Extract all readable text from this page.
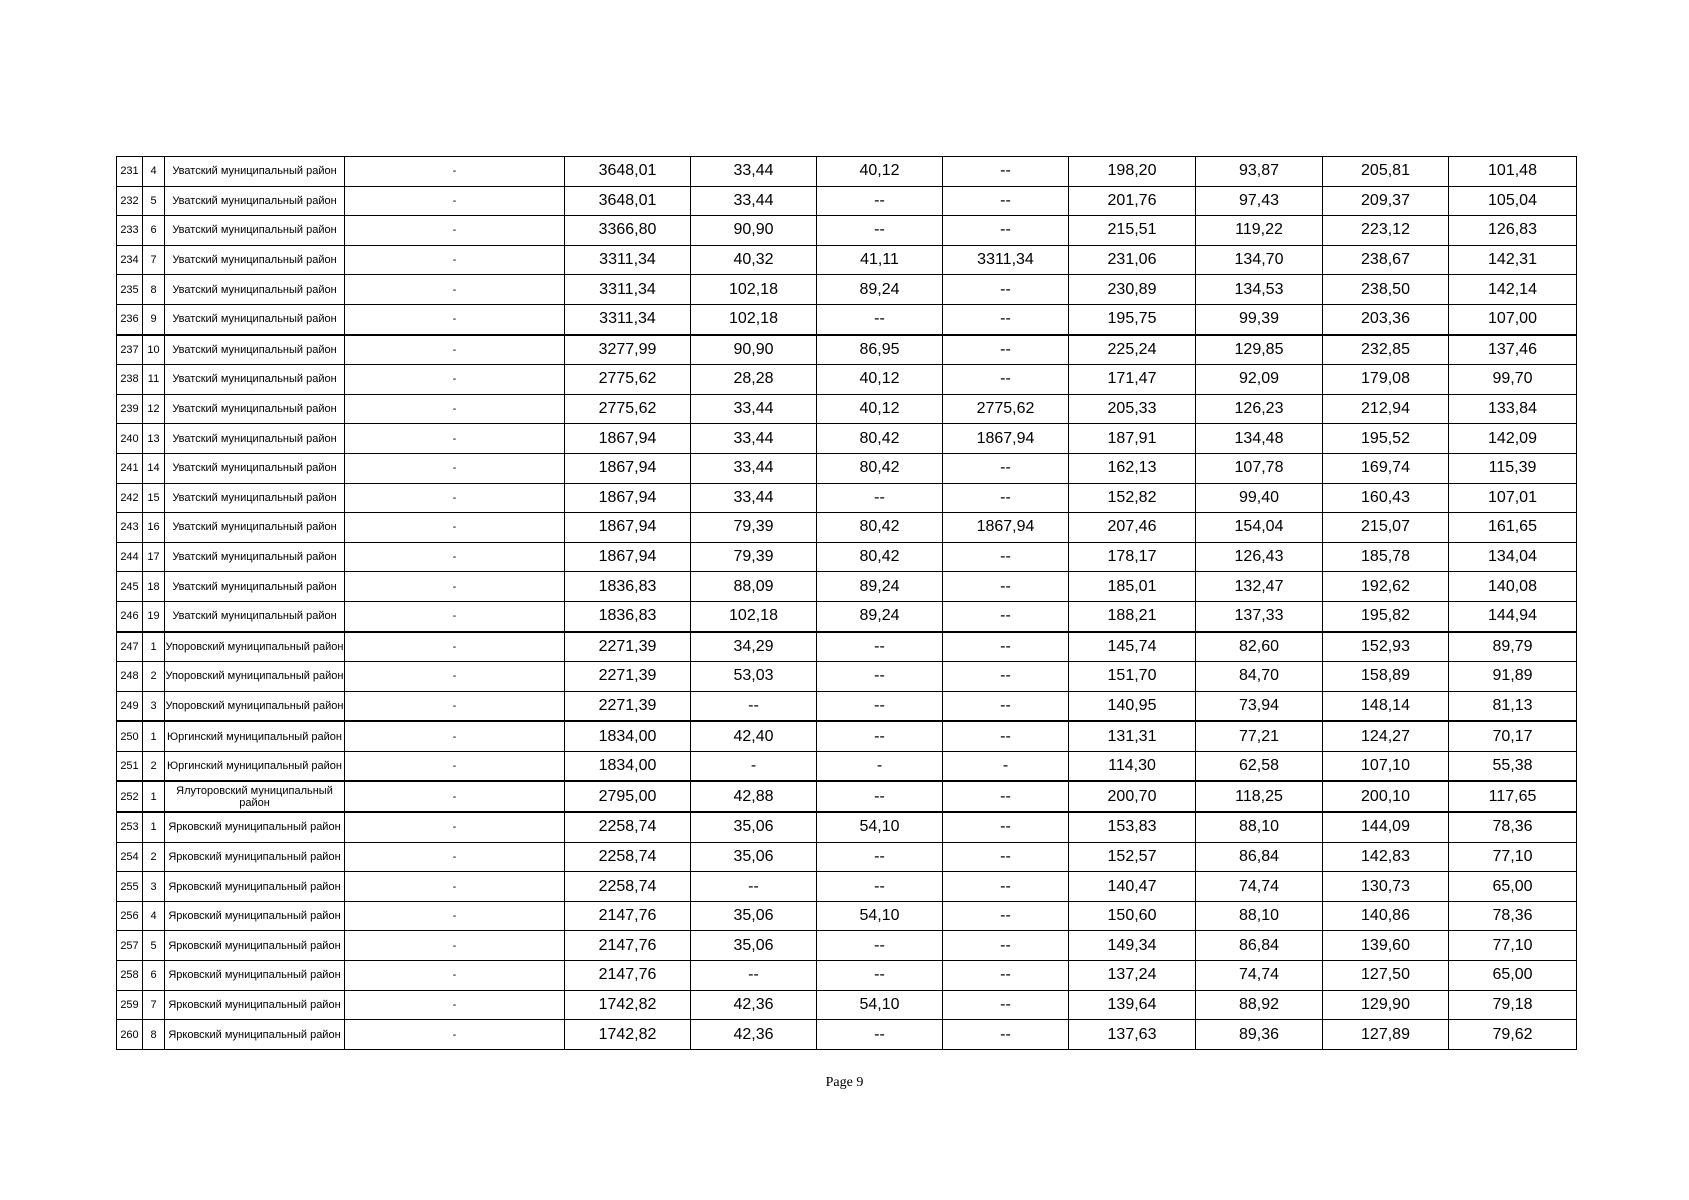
231	4	Уватский муниципальный район	-	3648,01	33,44	40,12	--	198,20	93,87	205,81	101,48
232	5	Уватский муниципальный район	-	3648,01	33,44	--	--	201,76	97,43	209,37	105,04
233	6	Уватский муниципальный район	-	3366,80	90,90	--	--	215,51	119,22	223,12	126,83
234	7	Уватский муниципальный район	-	3311,34	40,32	41,11	3311,34	231,06	134,70	238,67	142,31
235	8	Уватский муниципальный район	-	3311,34	102,18	89,24	--	230,89	134,53	238,50	142,14
236	9	Уватский муниципальный район	-	3311,34	102,18	--	--	195,75	99,39	203,36	107,00
237	10	Уватский муниципальный район	-	3277,99	90,90	86,95	--	225,24	129,85	232,85	137,46
238	11	Уватский муниципальный район	-	2775,62	28,28	40,12	--	171,47	92,09	179,08	99,70
239	12	Уватский муниципальный район	-	2775,62	33,44	40,12	2775,62	205,33	126,23	212,94	133,84
240	13	Уватский муниципальный район	-	1867,94	33,44	80,42	1867,94	187,91	134,48	195,52	142,09
241	14	Уватский муниципальный район	-	1867,94	33,44	80,42	--	162,13	107,78	169,74	115,39
242	15	Уватский муниципальный район	-	1867,94	33,44	--	--	152,82	99,40	160,43	107,01
243	16	Уватский муниципальный район	-	1867,94	79,39	80,42	1867,94	207,46	154,04	215,07	161,65
244	17	Уватский муниципальный район	-	1867,94	79,39	80,42	--	178,17	126,43	185,78	134,04
245	18	Уватский муниципальный район	-	1836,83	88,09	89,24	--	185,01	132,47	192,62	140,08
246	19	Уватский муниципальный район	-	1836,83	102,18	89,24	--	188,21	137,33	195,82	144,94
247	1	Упоровский муниципальный район	-	2271,39	34,29	--	--	145,74	82,60	152,93	89,79
248	2	Упоровский муниципальный район	-	2271,39	53,03	--	--	151,70	84,70	158,89	91,89
249	3	Упоровский муниципальный район	-	2271,39	--	--	--	140,95	73,94	148,14	81,13
250	1	Юргинский муниципальный район	-	1834,00	42,40	--	--	131,31	77,21	124,27	70,17
251	2	Юргинский муниципальный район	-	1834,00	-	-	-	114,30	62,58	107,10	55,38
252	1	Ялуторовский муниципальный район	-	2795,00	42,88	--	--	200,70	118,25	200,10	117,65
253	1	Ярковский муниципальный район	-	2258,74	35,06	54,10	--	153,83	88,10	144,09	78,36
254	2	Ярковский муниципальный район	-	2258,74	35,06	--	--	152,57	86,84	142,83	77,10
255	3	Ярковский муниципальный район	-	2258,74	--	--	--	140,47	74,74	130,73	65,00
256	4	Ярковский муниципальный район	-	2147,76	35,06	54,10	--	150,60	88,10	140,86	78,36
257	5	Ярковский муниципальный район	-	2147,76	35,06	--	--	149,34	86,84	139,60	77,10
258	6	Ярковский муниципальный район	-	2147,76	--	--	--	137,24	74,74	127,50	65,00
259	7	Ярковский муниципальный район	-	1742,82	42,36	54,10	--	139,64	88,92	129,90	79,18
260	8	Ярковский муниципальный район	-	1742,82	42,36	--	--	137,63	89,36	127,89	79,62
Page 9
